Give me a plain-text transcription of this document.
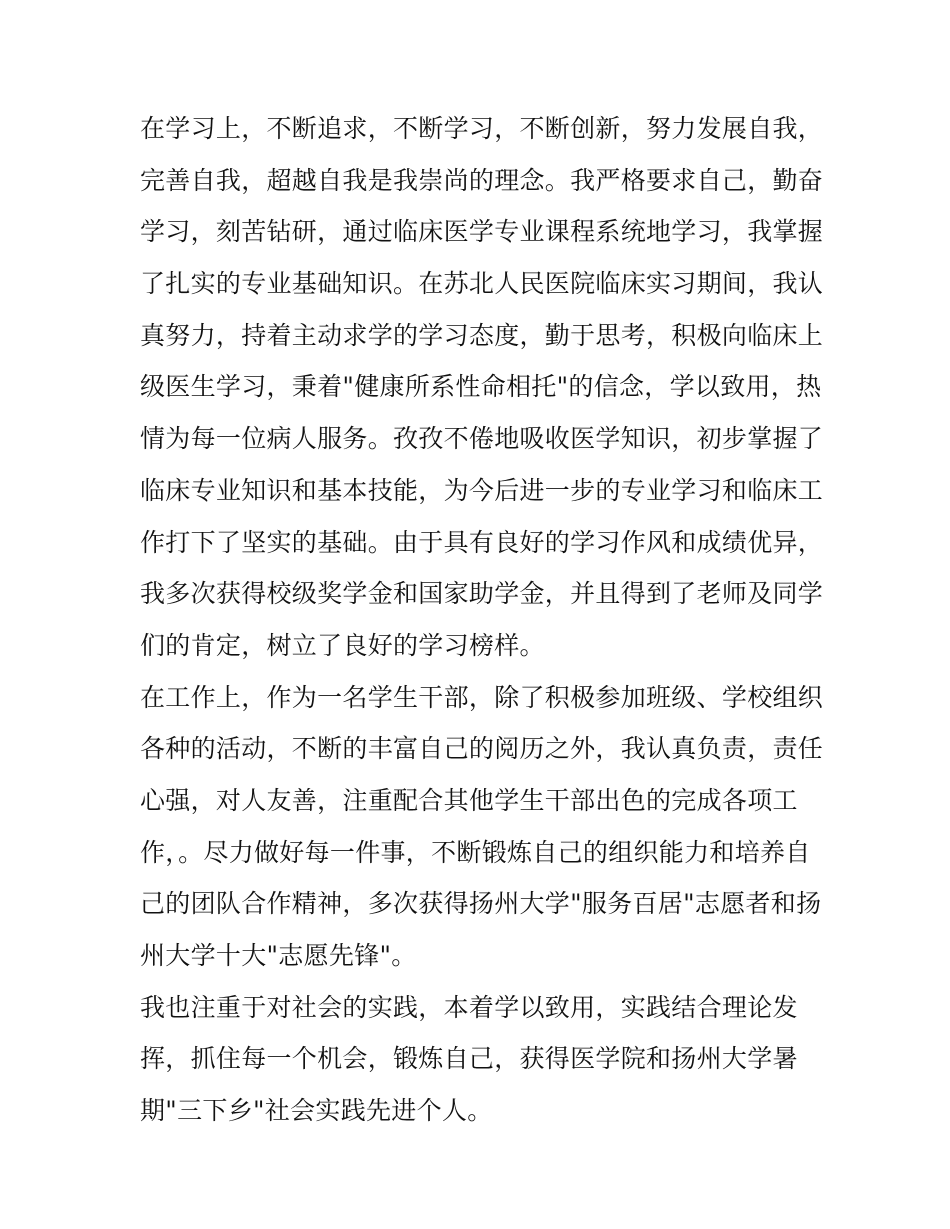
在学习上，不断追求，不断学习，不断创新，努力发展自我，
完善自我，超越自我是我崇尚的理念。我严格要求自己，勤奋
学习，刻苦钻研，通过临床医学专业课程系统地学习，我掌握
了扎实的专业基础知识。在苏北人民医院临床实习期间，我认
真努力，持着主动求学的学习态度，勤于思考，积极向临床上
级医生学习，秉着"健康所系性命相托"的信念，学以致用，热
情为每一位病人服务。孜孜不倦地吸收医学知识，初步掌握了
临床专业知识和基本技能，为今后进一步的专业学习和临床工
作打下了坚实的基础。由于具有良好的学习作风和成绩优异，
我多次获得校级奖学金和国家助学金，并且得到了老师及同学
们的肯定，树立了良好的学习榜样。
在工作上，作为一名学生干部，除了积极参加班级、学校组织
各种的活动，不断的丰富自己的阅历之外，我认真负责，责任
心强，对人友善，注重配合其他学生干部出色的完成各项工
作，。尽力做好每一件事，不断锻炼自己的组织能力和培养自
己的团队合作精神，多次获得扬州大学"服务百居"志愿者和扬
州大学十大"志愿先锋"。
我也注重于对社会的实践，本着学以致用，实践结合理论发
挥，抓住每一个机会，锻炼自己，获得医学院和扬州大学暑
期"三下乡"社会实践先进个人。
